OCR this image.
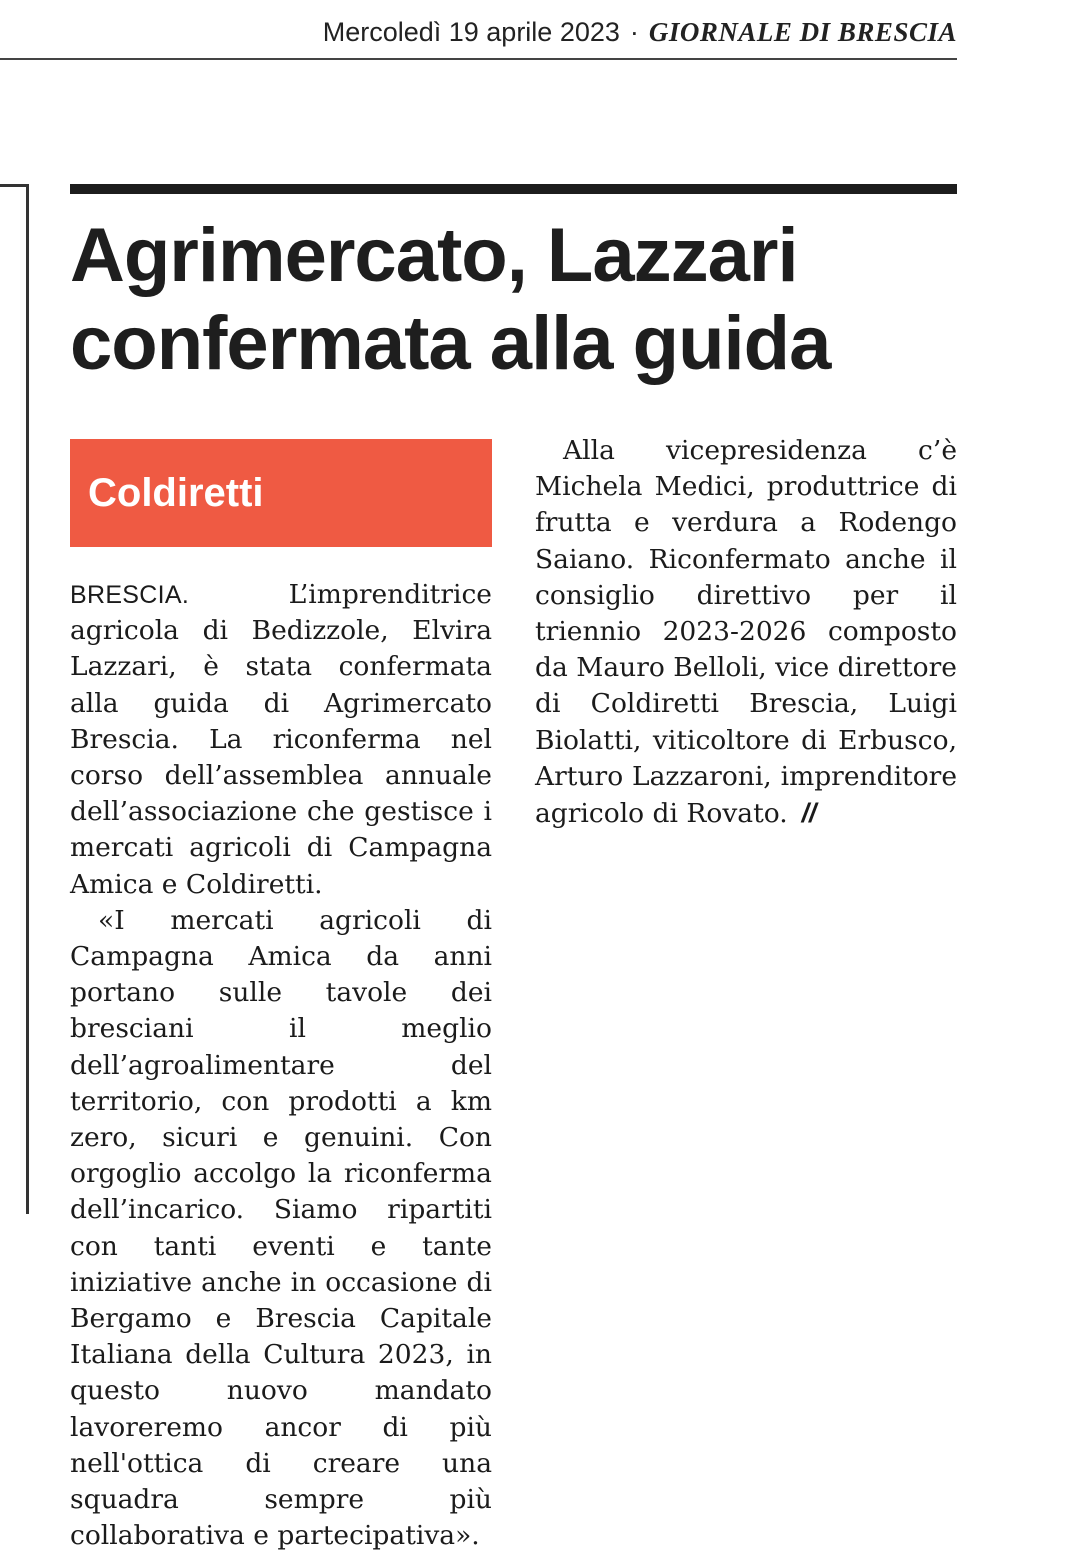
Mercoledì 19 aprile 2023 · GIORNALE DI BRESCIA
Agrimercato, Lazzari
confermata alla guida
Coldiretti

BRESCIA.	L’imprenditrice agricola di Bedizzole, Elvira Lazzari, è stata confermata alla guida di Agrimercato Brescia. La riconferma nel corso dell’assemblea annuale dell’associazione che gestisce i mercati agricoli di Campagna Amica e Coldiretti.

«I mercati agricoli di Campagna Amica da anni portano sulle tavole dei bresciani il meglio dell’agroalimentare del territorio, con prodotti a km zero, sicuri e genuini. Con orgoglio accolgo la riconferma dell’incarico. Siamo ripartiti con tanti eventi e tante iniziative anche in occasione di Bergamo e Brescia Capitale Italiana della Cultura 2023, in questo nuovo mandato lavoreremo ancor di più nell'ottica di creare una squadra sempre più collaborativa e partecipativa».

Alla vicepresidenza c’è Michela Medici, produttrice di frutta e verdura a Rodengo Saiano. Riconfermato anche il consiglio direttivo per il triennio 2023-2026 composto da Mauro Belloli, vice direttore di Coldiretti Brescia, Luigi Biolatti, viticoltore di Erbusco, Arturo Lazzaroni, imprenditore agricolo di Rovato. //
